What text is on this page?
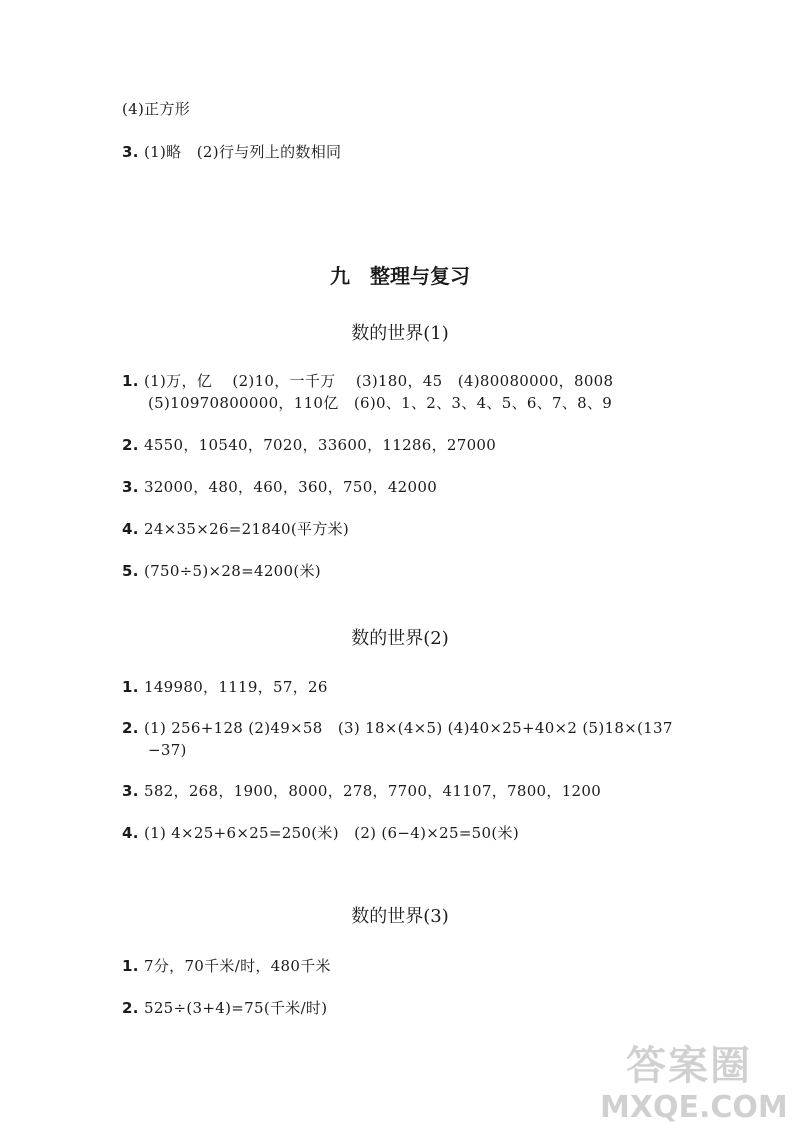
(4)正方形
3. (1)略　(2)行与列上的数相同
九　整理与复习
数的世界(1)
1. (1)万，亿　 (2)10，一千万　 (3)180，45　(4)80080000，8008
(5)10970800000，110亿　(6)0、1、2、3、4、5、6、7、8、9
2. 4550，10540，7020，33600，11286，27000
3. 32000，480，460，360，750，42000
4. 24×35×26=21840(平方米)
5. (750÷5)×28=4200(米)
数的世界(2)
1. 149980，1119，57，26
2. (1) 256+128 (2)49×58　(3) 18×(4×5) (4)40×25+40×2 (5)18×(137
−37)
3. 582，268，1900，8000，278，7700，41107，7800，1200
4. (1) 4×25+6×25=250(米)　(2) (6−4)×25=50(米)
数的世界(3)
1. 7分，70千米/时，480千米
2. 525÷(3+4)=75(千米/时)
答案圈
MXQE.COM
